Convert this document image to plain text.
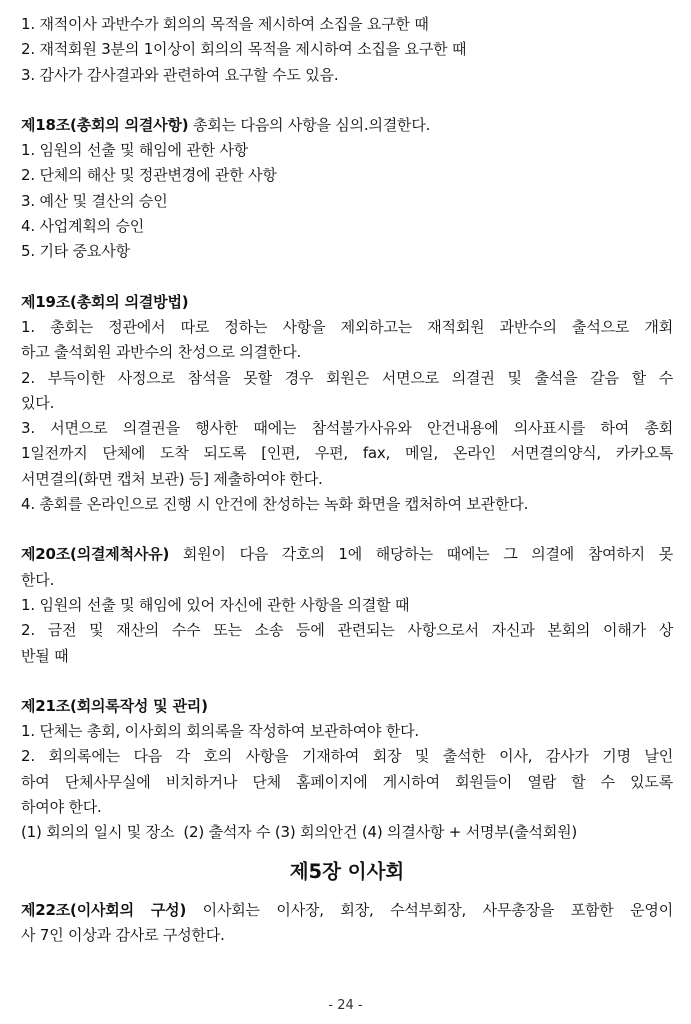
1. 재적이사 과반수가 회의의 목적을 제시하여 소집을 요구한 때
2. 재적회원 3분의 1이상이 회의의 목적을 제시하여 소집을 요구한 때
3. 감사가 감사결과와 관련하여 요구할 수도 있음.
제18조(총회의 의결사항) 총회는 다음의 사항을 심의.의결한다.
1. 임원의 선출 및 해임에 관한 사항
2. 단체의 해산 및 정관변경에 관한 사항
3. 예산 및 결산의 승인
4. 사업계획의 승인
5. 기타 중요사항
제19조(총회의 의결방법)
1. 총회는 정관에서 따로 정하는 사항을 제외하고는 재적회원 과반수의 출석으로 개회
하고 출석회원 과반수의 찬성으로 의결한다.
2. 부득이한 사정으로 참석을 못할 경우 회원은 서면으로 의결권 및 출석을 갈음 할 수
있다.
3. 서면으로 의결권을 행사한 때에는 참석불가사유와 안건내용에 의사표시를 하여 총회
1일전까지 단체에 도착 되도록 [인편, 우편, fax, 메일, 온라인 서면결의양식, 카카오톡
서면결의(화면 캡처 보관) 등] 제출하여야 한다.
4. 총회를 온라인으로 진행 시 안건에 찬성하는 녹화 화면을 캡처하여 보관한다.
제20조(의결제척사유) 회원이 다음 각호의 1에 해당하는 때에는 그 의결에 참여하지 못
한다.
1. 임원의 선출 및 해임에 있어 자신에 관한 사항을 의결할 때
2. 금전 및 재산의 수수 또는 소송 등에 관련되는 사항으로서 자신과 본회의 이해가 상
반될 때
제21조(회의록작성 및 관리)
1. 단체는 총회, 이사회의 회의록을 작성하여 보관하여야 한다.
2. 회의록에는 다음 각 호의 사항을 기재하여 회장 및 출석한 이사, 감사가 기명 날인
하여 단체사무실에 비치하거나 단체 홈페이지에 게시하여 회원들이 열람 할 수 있도록
하여야 한다.
(1) 회의의 일시 및 장소  (2) 출석자 수 (3) 회의안건 (4) 의결사항 + 서명부(출석회원)
제5장 이사회
제22조(이사회의 구성) 이사회는 이사장, 회장, 수석부회장, 사무총장을 포함한 운영이
사 7인 이상과 감사로 구성한다.
- 24 -
